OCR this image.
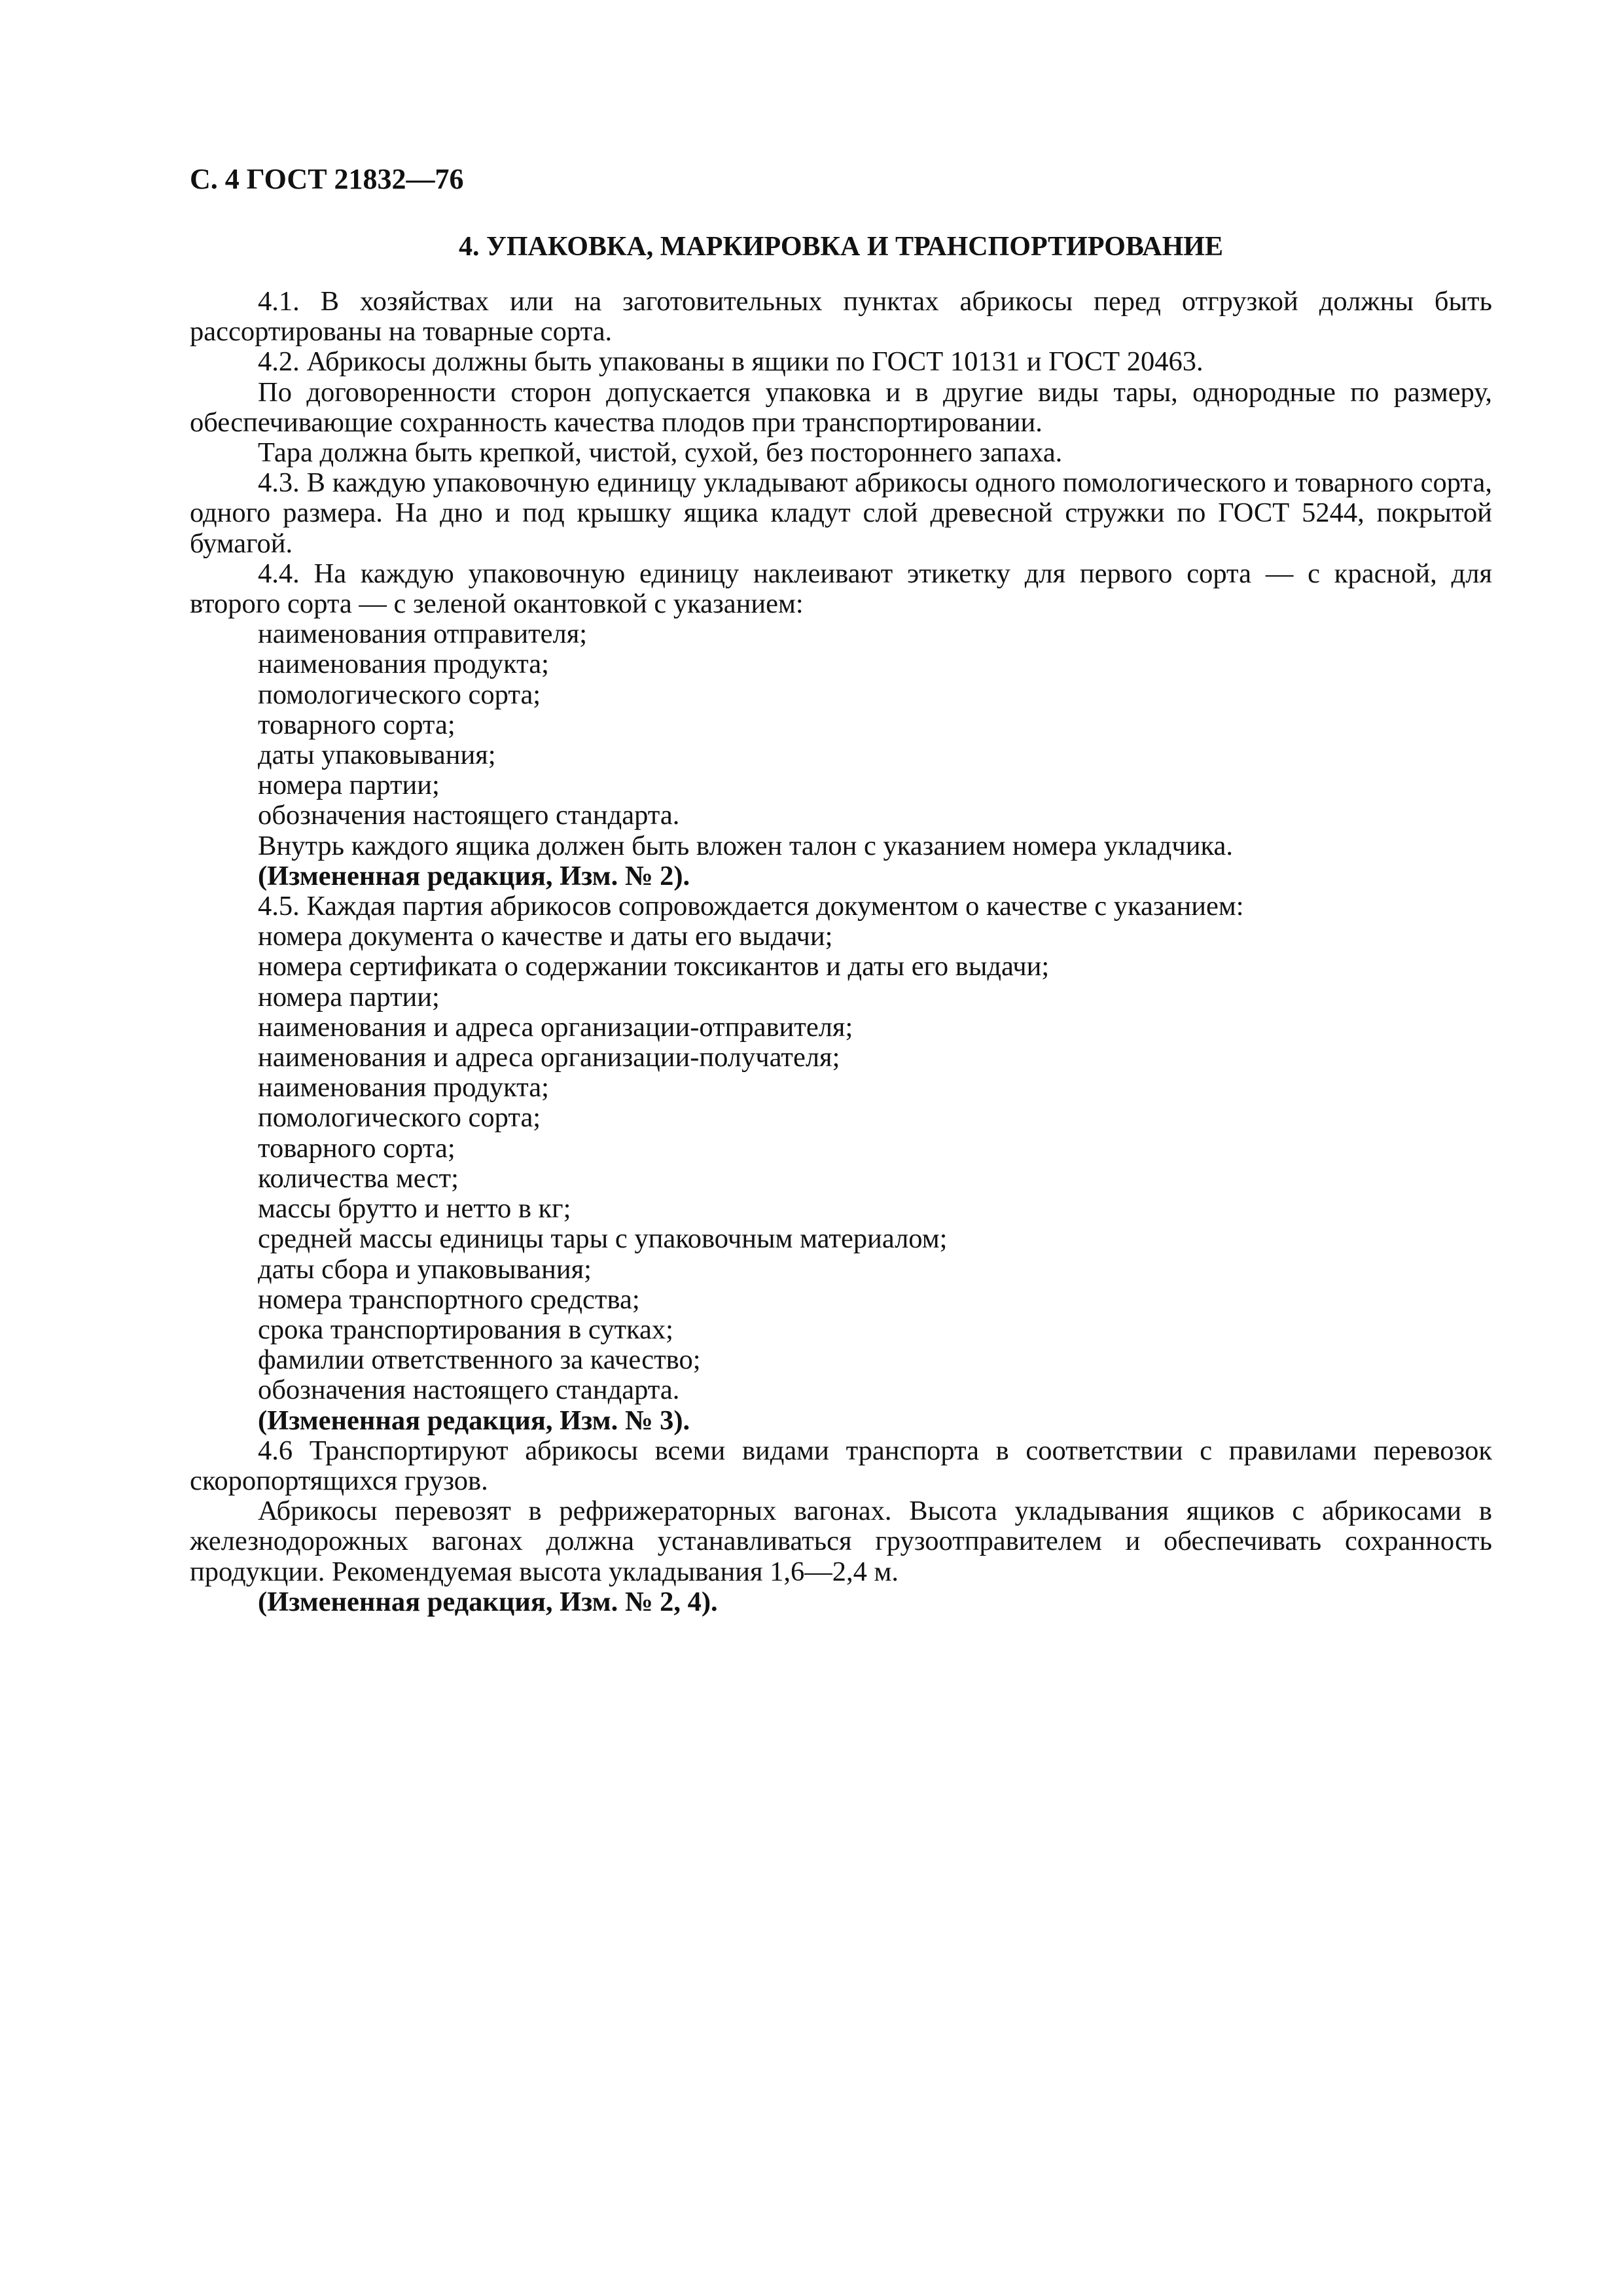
С. 4 ГОСТ 21832—76
4. УПАКОВКА, МАРКИРОВКА И ТРАНСПОРТИРОВАНИЕ

4.1. В хозяйствах или на заготовительных пунктах абрикосы перед отгрузкой должны быть рассортированы на товарные сорта.

4.2. Абрикосы должны быть упакованы в ящики по ГОСТ 10131 и ГОСТ 20463.

По договоренности сторон допускается упаковка и в другие виды тары, однородные по размеру, обеспечивающие сохранность качества плодов при транспортировании.

Тара должна быть крепкой, чистой, сухой, без постороннего запаха.

4.3. В каждую упаковочную единицу укладывают абрикосы одного помологического и товарного сорта, одного размера. На дно и под крышку ящика кладут слой древесной стружки по ГОСТ 5244, покрытой бумагой.

4.4. На каждую упаковочную единицу наклеивают этикетку для первого сорта — с красной, для второго сорта — с зеленой окантовкой с указанием:

наименования отправителя;

наименования продукта;

помологического сорта;

товарного сорта;

даты упаковывания;

номера партии;

обозначения настоящего стандарта.

Внутрь каждого ящика должен быть вложен талон с указанием номера укладчика.

(Измененная редакция, Изм. № 2).

4.5. Каждая партия абрикосов сопровождается документом о качестве с указанием:

номера документа о качестве и даты его выдачи;

номера сертификата о содержании токсикантов и даты его выдачи;

номера партии;

наименования и адреса организации-отправителя;

наименования и адреса организации-получателя;

наименования продукта;

помологического сорта;

товарного сорта;

количества мест;

массы брутто и нетто в кг;

средней массы единицы тары с упаковочным материалом;

даты сбора и упаковывания;

номера транспортного средства;

срока транспортирования в сутках;

фамилии ответственного за качество;

обозначения настоящего стандарта.

(Измененная редакция, Изм. № 3).

4.6 Транспортируют абрикосы всеми видами транспорта в соответствии с правилами перевозок скоропортящихся грузов.

Абрикосы перевозят в рефрижераторных вагонах. Высота укладывания ящиков с абрикосами в железнодорожных вагонах должна устанавливаться грузоотправителем и обеспечивать сохранность продукции. Рекомендуемая высота укладывания 1,6—2,4 м.

(Измененная редакция, Изм. № 2, 4).
